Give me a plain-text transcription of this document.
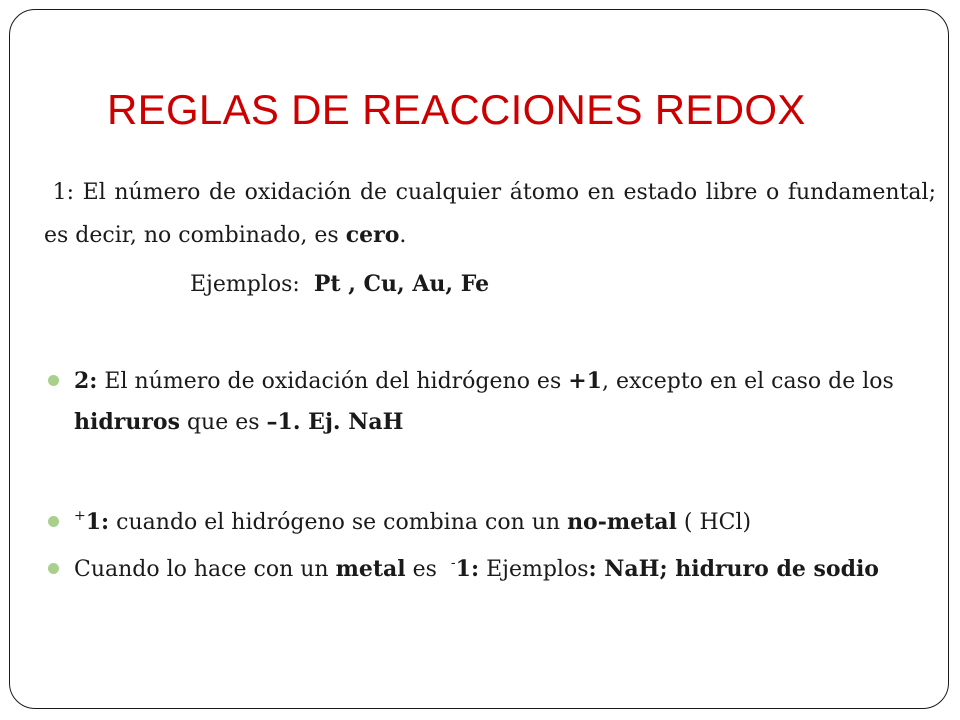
REGLAS DE REACCIONES REDOX
1: El número de oxidación de cualquier átomo en estado libre o fundamental; es decir, no combinado, es cero.
Ejemplos:  Pt , Cu, Au, Fe
2: El número de oxidación del hidrógeno es +1, excepto en el caso de los hidruros que es –1. Ej. NaH
+1: cuando el hidrógeno se combina con un no-metal ( HCl)
Cuando lo hace con un metal es  -1: Ejemplos: NaH; hidruro de sodio
